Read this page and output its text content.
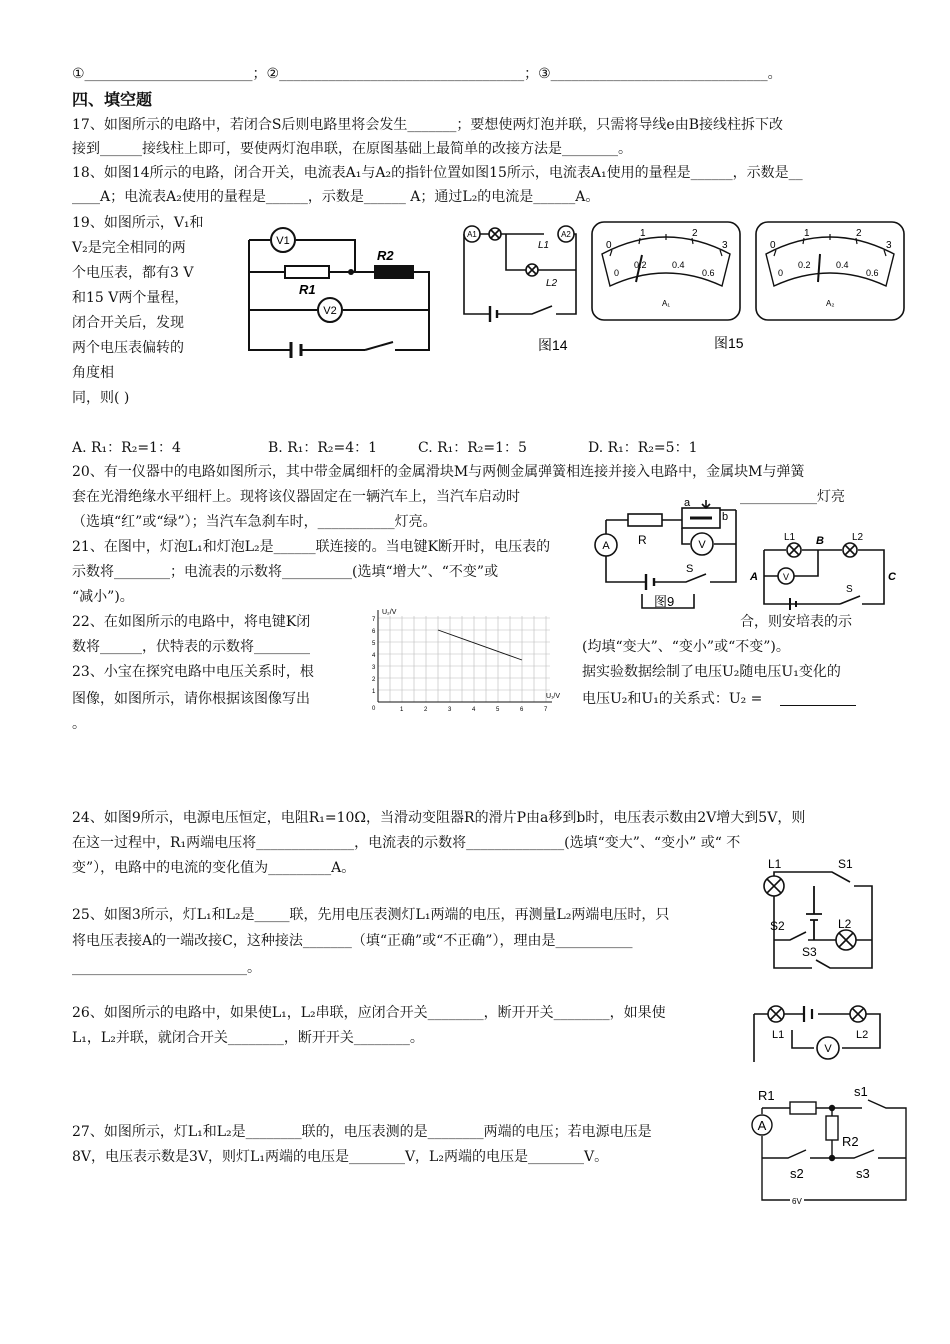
①________________________；②___________________________________；③_______________________________。
四、填空题
17、如图所示的电路中，若闭合S后则电路里将会发生_______；要想使两灯泡并联，只需将导线e由B接线柱拆下改
接到______接线柱上即可，要使两灯泡串联，在原图基础上最简单的改接方法是________。
18、如图14所示的电路，闭合开关，电流表A₁与A₂的指针位置如图15所示，电流表A₁使用的量程是______，示数是__
____A；电流表A₂使用的量程是______，示数是______ A；通过L₂的电流是______A。
19、如图所示，V₁和
V₂是完全相同的两
个电压表，都有3 V
和15 V两个量程，
闭合开关后，发现
两个电压表偏转的
角度相
同，则( )
A. R₁：R₂=1：4	B. R₁：R₂=4：1	C. R₁：R₂=1：5	D. R₁：R₂=5：1
20、有一仪器中的电路如图所示，其中带金属细杆的金属滑块M与两侧金属弹簧相连接并接入电路中，金属块M与弹簧
套在光滑绝缘水平细杆上。现将该仪器固定在一辆汽车上，当汽车启动时	___________灯亮
（选填“红”或“绿”）；当汽车急刹车时，___________灯亮。
21、在图中，灯泡L₁和灯泡L₂是______联连接的。当电键K断开时，电压表的
示数将________；电流表的示数将__________(选填“增大”、“不变”或
“减小”)。
22、在如图所示的电路中，将电键K闭	合，则安培表的示
数将______，伏特表的示数将________	(均填“变大”、“变小”或“不变”)。
23、小宝在探究电路中电压关系时，根	据实验数据绘制了电压U₂随电压U₁变化的
图像，如图所示，请你根据该图像写出	电压U₂和U₁的关系式：U₂ =
。
24、如图9所示，电源电压恒定，电阻R₁=10Ω，当滑动变阻器R的滑片P由a移到b时，电压表示数由2V增大到5V，则
在这一过程中，R₁两端电压将______________，电流表的示数将______________(选填“变大”、“变小” 或“ 不
变”），电路中的电流的变化值为_________A。
25、如图3所示，灯L₁和L₂是_____联，先用电压表测灯L₁两端的电压，再测量L₂两端电压时，只
将电压表接A的一端改接C，这种接法_______（填“正确”或“不正确”），理由是___________
_________________________。
26、如图所示的电路中，如果使L₁，L₂串联，应闭合开关________，断开开关________，如果使
L₁，L₂并联，就闭合开关________，断开开关________。
27、如图所示，灯L₁和L₂是________联的，电压表测的是________两端的电压；若电源电压是
8V，电压表示数是3V，则灯L₁两端的电压是________V，L₂两端的电压是________V。
V1
V2
R1
R2
A1	A2
L1
L2
图14
0
1	2
3
0
0.2	0.4
0.6
A₁
0
1	2
3
0
0.2	0.4
0.6
A₂
图15
a
b
R
A	V
S
图9
L1	L2
B
A	C
V
S
U₂/V
U₁/V
0
1
2
3
4
5
6
7
1	2	3	4	5	6	7
L1
L2
S1
S2
S3
L1	L2
V
R1
R2
s1
s2	s3
A
6V
